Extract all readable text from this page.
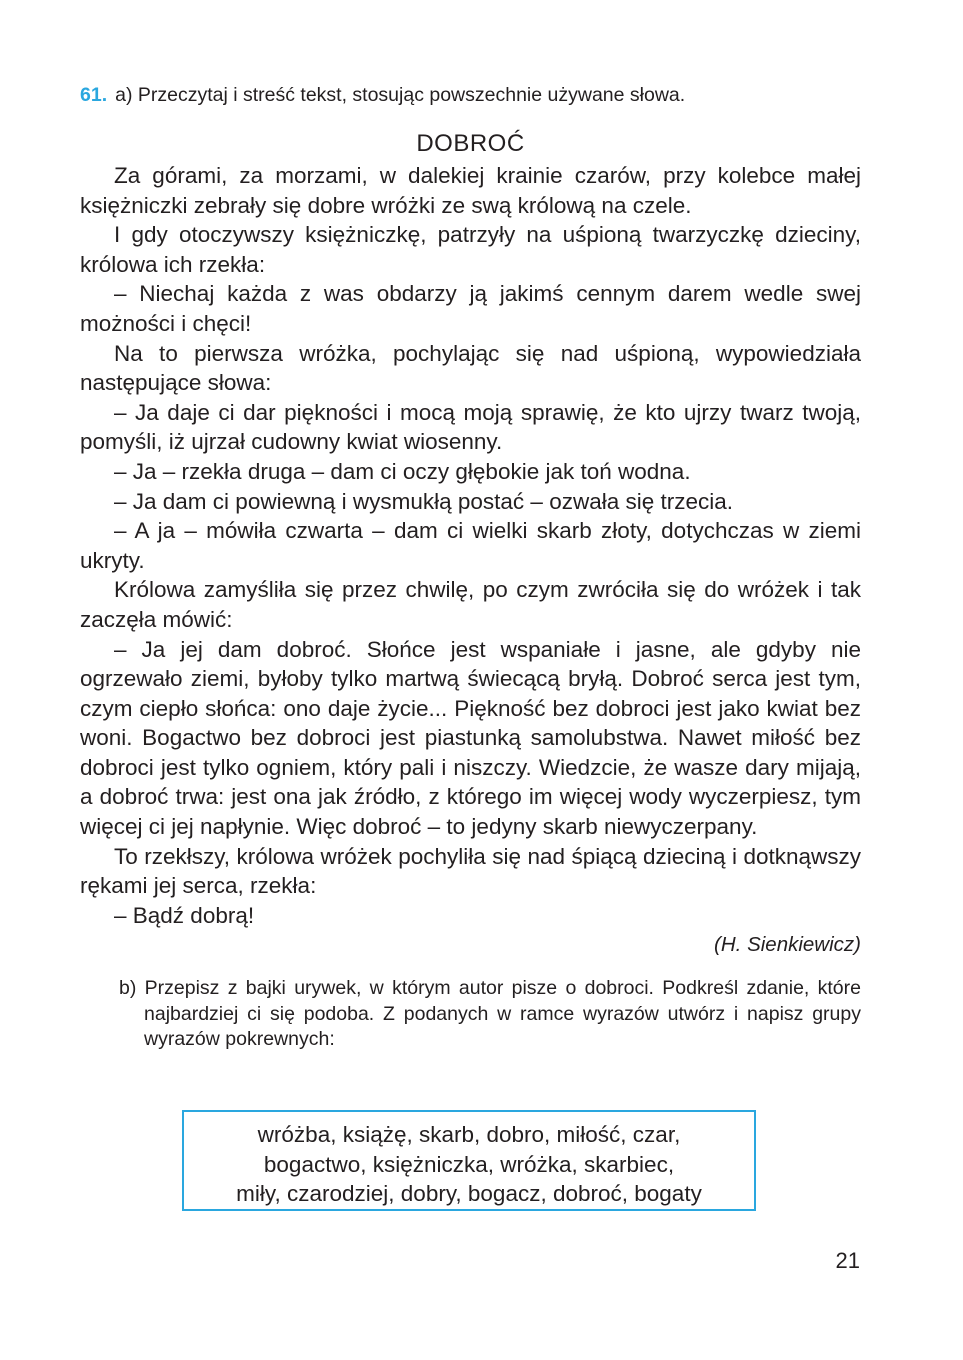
61. a) Przeczytaj i streść tekst, stosując powszechnie używane słowa.
DOBROĆ

Za górami, za morzami, w dalekiej krainie czarów, przy kolebce małej księżniczki zebrały się dobre wróżki ze swą królową na czele.

I gdy otoczywszy księżniczkę, patrzyły na uśpioną twarzyczkę dzieciny, królowa ich rzekła:

– Niechaj każda z was obdarzy ją jakimś cennym darem wedle swej możności i chęci!

Na to pierwsza wróżka, pochylając się nad uśpioną, wypowiedziała następujące słowa:

– Ja daje ci dar piękności i mocą moją sprawię, że kto ujrzy twarz twoją, pomyśli, iż ujrzał cudowny kwiat wiosenny.

– Ja – rzekła druga – dam ci oczy głębokie jak toń wodna.

– Ja dam ci powiewną i wysmukłą postać – ozwała się trzecia.

– A ja – mówiła czwarta – dam ci wielki skarb złoty, dotychczas w ziemi ukryty.

Królowa zamyśliła się przez chwilę, po czym zwróciła się do wróżek i tak zaczęła mówić:

– Ja jej dam dobroć. Słońce jest wspaniałe i jasne, ale gdyby nie ogrzewało ziemi, byłoby tylko martwą świecącą bryłą. Dobroć serca jest tym, czym ciepło słońca: ono daje życie... Piękność bez dobroci jest jako kwiat bez woni. Bogactwo bez dobroci jest piastunką samolubstwa. Nawet miłość bez dobroci jest tylko ogniem, który pali i niszczy. Wiedzcie, że wasze dary mijają, a dobroć trwa: jest ona jak źródło, z którego im więcej wody wyczerpiesz, tym więcej ci jej napłynie. Więc dobroć – to jedyny skarb niewyczerpany.

To rzekłszy, królowa wróżek pochyliła się nad śpiącą dzieciną i dotknąwszy rękami jej serca, rzekła:

– Bądź dobrą!

(H. Sienkiewicz)
b) Przepisz z bajki urywek, w którym autor pisze o dobroci. Podkreśl zdanie, które najbardziej ci się podoba. Z podanych w ramce wyrazów utwórz i napisz grupy wyrazów pokrewnych:
wróżba, książę, skarb, dobro, miłość, czar,
bogactwo, księżniczka, wróżka, skarbiec,
miły, czarodziej, dobry, bogacz, dobroć, bogaty
21
